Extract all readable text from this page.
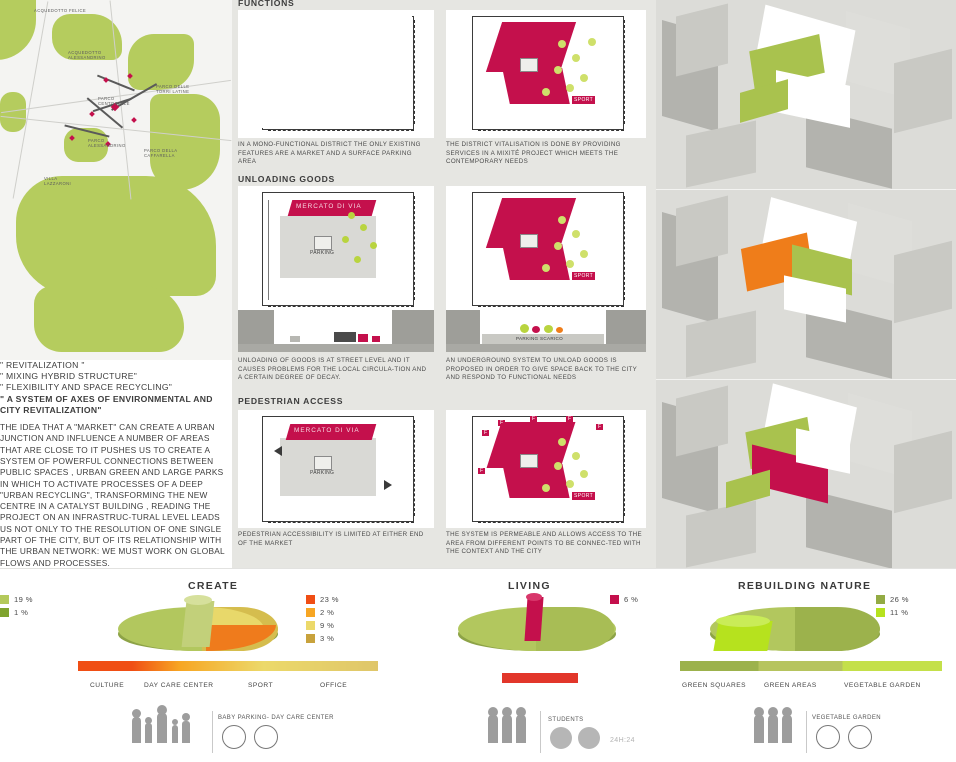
ACQUEDOTTO FELICE
ACQUEDOTTO ALESSANDRINO
PARCO DELLE TORRI LATINE
PARCO CENTOCELLE
PARCO ALESSANDRINO
VILLA LAZZARONI
PARCO DELLA CAFFARELLA
" REVITALIZATION "
" MIXING HYBRID STRUCTURE"
" FLEXIBILITY AND SPACE RECYCLING"
" A SYSTEM OF AXES OF ENVIRONMENTAL AND CITY REVITALIZATION"
THE IDEA THAT A "MARKET" CAN CREATE A URBAN JUNCTION AND INFLUENCE A NUMBER OF AREAS THAT ARE CLOSE TO IT PUSHES US TO CREATE A SYSTEM OF POWERFUL CONNECTIONS BETWEEN PUBLIC SPACES , URBAN GREEN AND LARGE PARKS IN WHICH TO ACTIVATE PROCESSES OF A DEEP "URBAN RECYCLING", TRANSFORMING THE NEW CENTRE IN A CATALYST BUILDING , READING THE PROJECT ON AN INFRASTRUC-TURAL LEVEL LEADS US NOT ONLY TO THE RESOLUTION OF ONE SINGLE PART OF THE CITY, BUT OF ITS RELATIONSHIP WITH THE URBAN NETWORK: WE MUST WORK ON GLOBAL FLOWS AND PROCESSES.
FUNCTIONS
IN A MONO-FUNCTIONAL DISTRICT THE ONLY EXISTING FEATURES ARE A MARKET AND A SURFACE PARKING AREA
SPORT
THE DISTRICT VITALISATION IS DONE BY PROVIDING SERVICES IN A MIXITÉ PROJECT WHICH MEETS THE CONTEMPORARY NEEDS
UNLOADING GOODS
MERCATO DI VIA
PARKING
UNLOADING OF GOODS IS AT STREET LEVEL AND IT CAUSES PROBLEMS FOR THE LOCAL CIRCULA-TION AND A CERTAIN DEGREE OF DECAY.
SPORT
PARKING SCARICO
AN UNDERGROUND SYSTEM TO UNLOAD GOODS IS PROPOSED IN ORDER TO GIVE SPACE BACK TO THE CITY AND RESPOND TO FUNCTIONAL NEEDS
PEDESTRIAN ACCESS
MERCATO DI VIA
PARKING
PEDESTRIAN ACCESSIBILITY IS LIMITED AT EITHER END OF THE MARKET
SPORT
F
F
F	F
F
F
THE SYSTEM IS PERMEABLE AND ALLOWS ACCESS TO THE AREA FROM DIFFERENT POINTS TO BE CONNEC-TED WITH THE CONTEXT AND THE CITY
CREATE
19 %
1 %
23 %
2 %
9 %
3 %
CULTURE	DAY CARE CENTER	SPORT	OFFICE
LIVING
6 %
REBUILDING NATURE
26 %
11 %
GREEN SQUARES	GREEN AREAS	VEGETABLE GARDEN
BABY PARKING- DAY CARE CENTER	STUDENTS
24H:24
VEGETABLE GARDEN
